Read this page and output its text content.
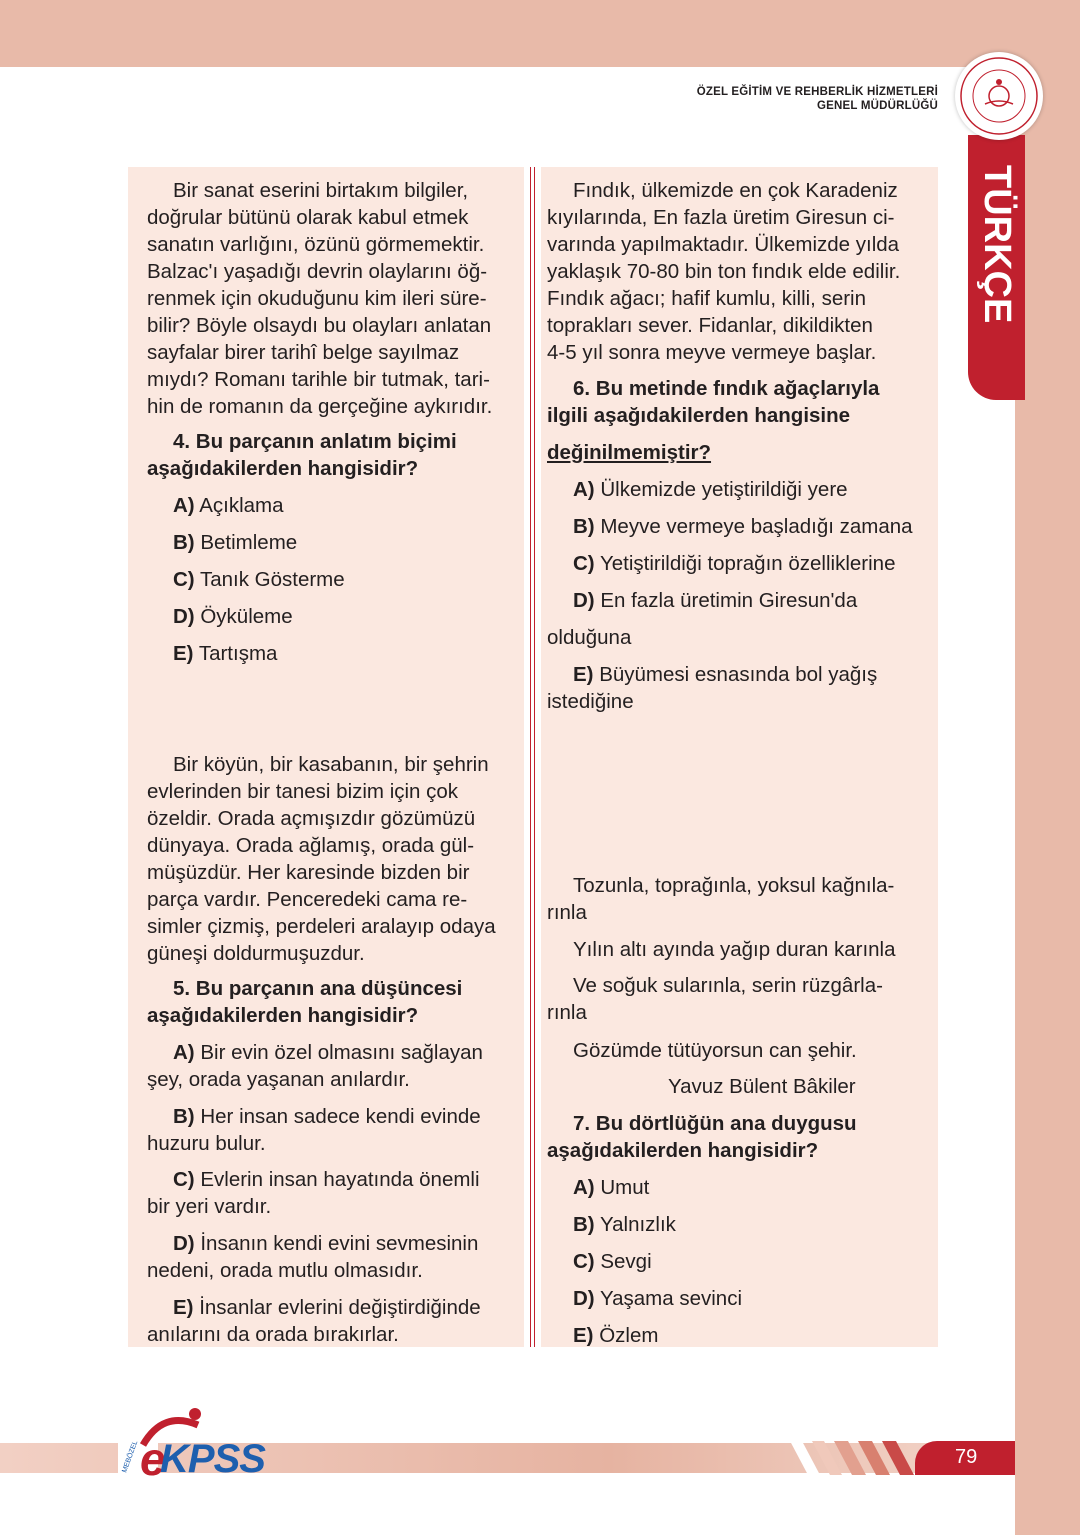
ÖZEL EĞİTİM VE REHBERLİK HİZMETLERİ
GENEL MÜDÜRLÜĞÜ
TÜRKÇE
Bir sanat eserini birtakım bilgiler,
doğrular bütünü olarak kabul etmek
sanatın varlığını, özünü görmemektir.
Balzac'ı yaşadığı devrin olaylarını öğ-
renmek için okuduğunu kim ileri süre-
bilir? Böyle olsaydı bu olayları anlatan
sayfalar birer tarihî belge sayılmaz
mıydı? Romanı tarihle bir tutmak, tari-
hin de romanın da gerçeğine aykırıdır.
4. Bu parçanın anlatım biçimi
aşağıdakilerden hangisidir?
A) Açıklama
B) Betimleme
C) Tanık Gösterme
D) Öyküleme
E) Tartışma
Bir köyün, bir kasabanın, bir şehrin
evlerinden bir tanesi bizim için çok
özeldir. Orada açmışızdır gözümüzü
dünyaya. Orada ağlamış, orada gül-
müşüzdür. Her karesinde bizden bir
parça vardır. Penceredeki cama re-
simler çizmiş, perdeleri aralayıp odaya
güneşi doldurmuşuzdur.
5. Bu parçanın ana düşüncesi
aşağıdakilerden hangisidir?
A) Bir evin özel olmasını sağlayan
şey, orada yaşanan anılardır.
B) Her insan sadece kendi evinde
huzuru bulur.
C) Evlerin insan hayatında önemli
bir yeri vardır.
D) İnsanın kendi evini sevmesinin
nedeni, orada mutlu olmasıdır.
E) İnsanlar evlerini değiştirdiğinde
anılarını da orada bırakırlar.
Fındık, ülkemizde en çok Karadeniz
kıyılarında, En fazla üretim Giresun ci-
varında yapılmaktadır. Ülkemizde yılda
yaklaşık 70-80 bin ton fındık elde edilir.
Fındık ağacı; hafif kumlu, killi, serin
toprakları sever. Fidanlar, dikildikten
4-5 yıl sonra meyve vermeye başlar.
6. Bu metinde fındık ağaçlarıyla
ilgili aşağıdakilerden hangisine
değinilmemiştir?
A) Ülkemizde yetiştirildiği yere
B) Meyve vermeye başladığı zamana
C) Yetiştirildiği toprağın özelliklerine
D) En fazla üretimin Giresun'da
olduğuna
E) Büyümesi esnasında bol yağış
istediğine
Tozunla, toprağınla, yoksul kağnıla-
rınla
Yılın altı ayında yağıp duran karınla
Ve soğuk sularınla, serin rüzgârla-
rınla
Gözümde tütüyorsun can şehir.
Yavuz Bülent Bâkiler
7. Bu dörtlüğün ana duygusu
aşağıdakilerden hangisidir?
A) Umut
B) Yalnızlık
C) Sevgi
D) Yaşama sevinci
E) Özlem
79
e
MEBÖZEL KPSS
